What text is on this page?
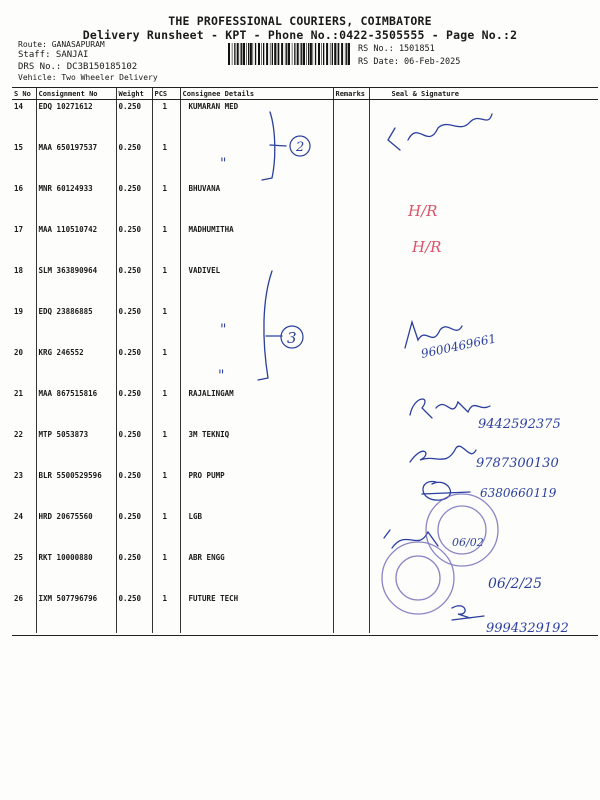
THE PROFESSIONAL COURIERS, COIMBATORE
Delivery Runsheet - KPT - Phone No.:0422-3505555 - Page No.:2
Route: GANASAPURAM
Staff: SANJAI
DRS No.: DC3B150185102
Vehicle: Two Wheeler Delivery
RS No.: 1501851
RS Date: 06-Feb-2025
S No	Consignment No	Weight	PCS	Consignee Details	Remarks	Seal & Signature
14	EDQ 10271612	0.250	1	KUMARAN MED		
15	MAA 650197537	0.250	1			
16	MNR 60124933	0.250	1	BHUVANA		
17	MAA 110510742	0.250	1	MADHUMITHA		
18	SLM 363890964	0.250	1	VADIVEL		
19	EDQ 23886885	0.250	1			
20	KRG 246552	0.250	1			
21	MAA 867515816	0.250	1	RAJALINGAM		
22	MTP 5053873	0.250	1	3M TEKNIQ		
23	BLR 5500529596	0.250	1	PRO PUMP		
24	HRD 20675560	0.250	1	LGB		
25	RKT 10000880	0.250	1	ABR ENGG		
26	IXM 507796796	0.250	1	FUTURE TECH		
2
3
"
"
"
H/R
H/R
9600469661
9442592375
9787300130
6380660119
06/02
06/2/25
9994329192
